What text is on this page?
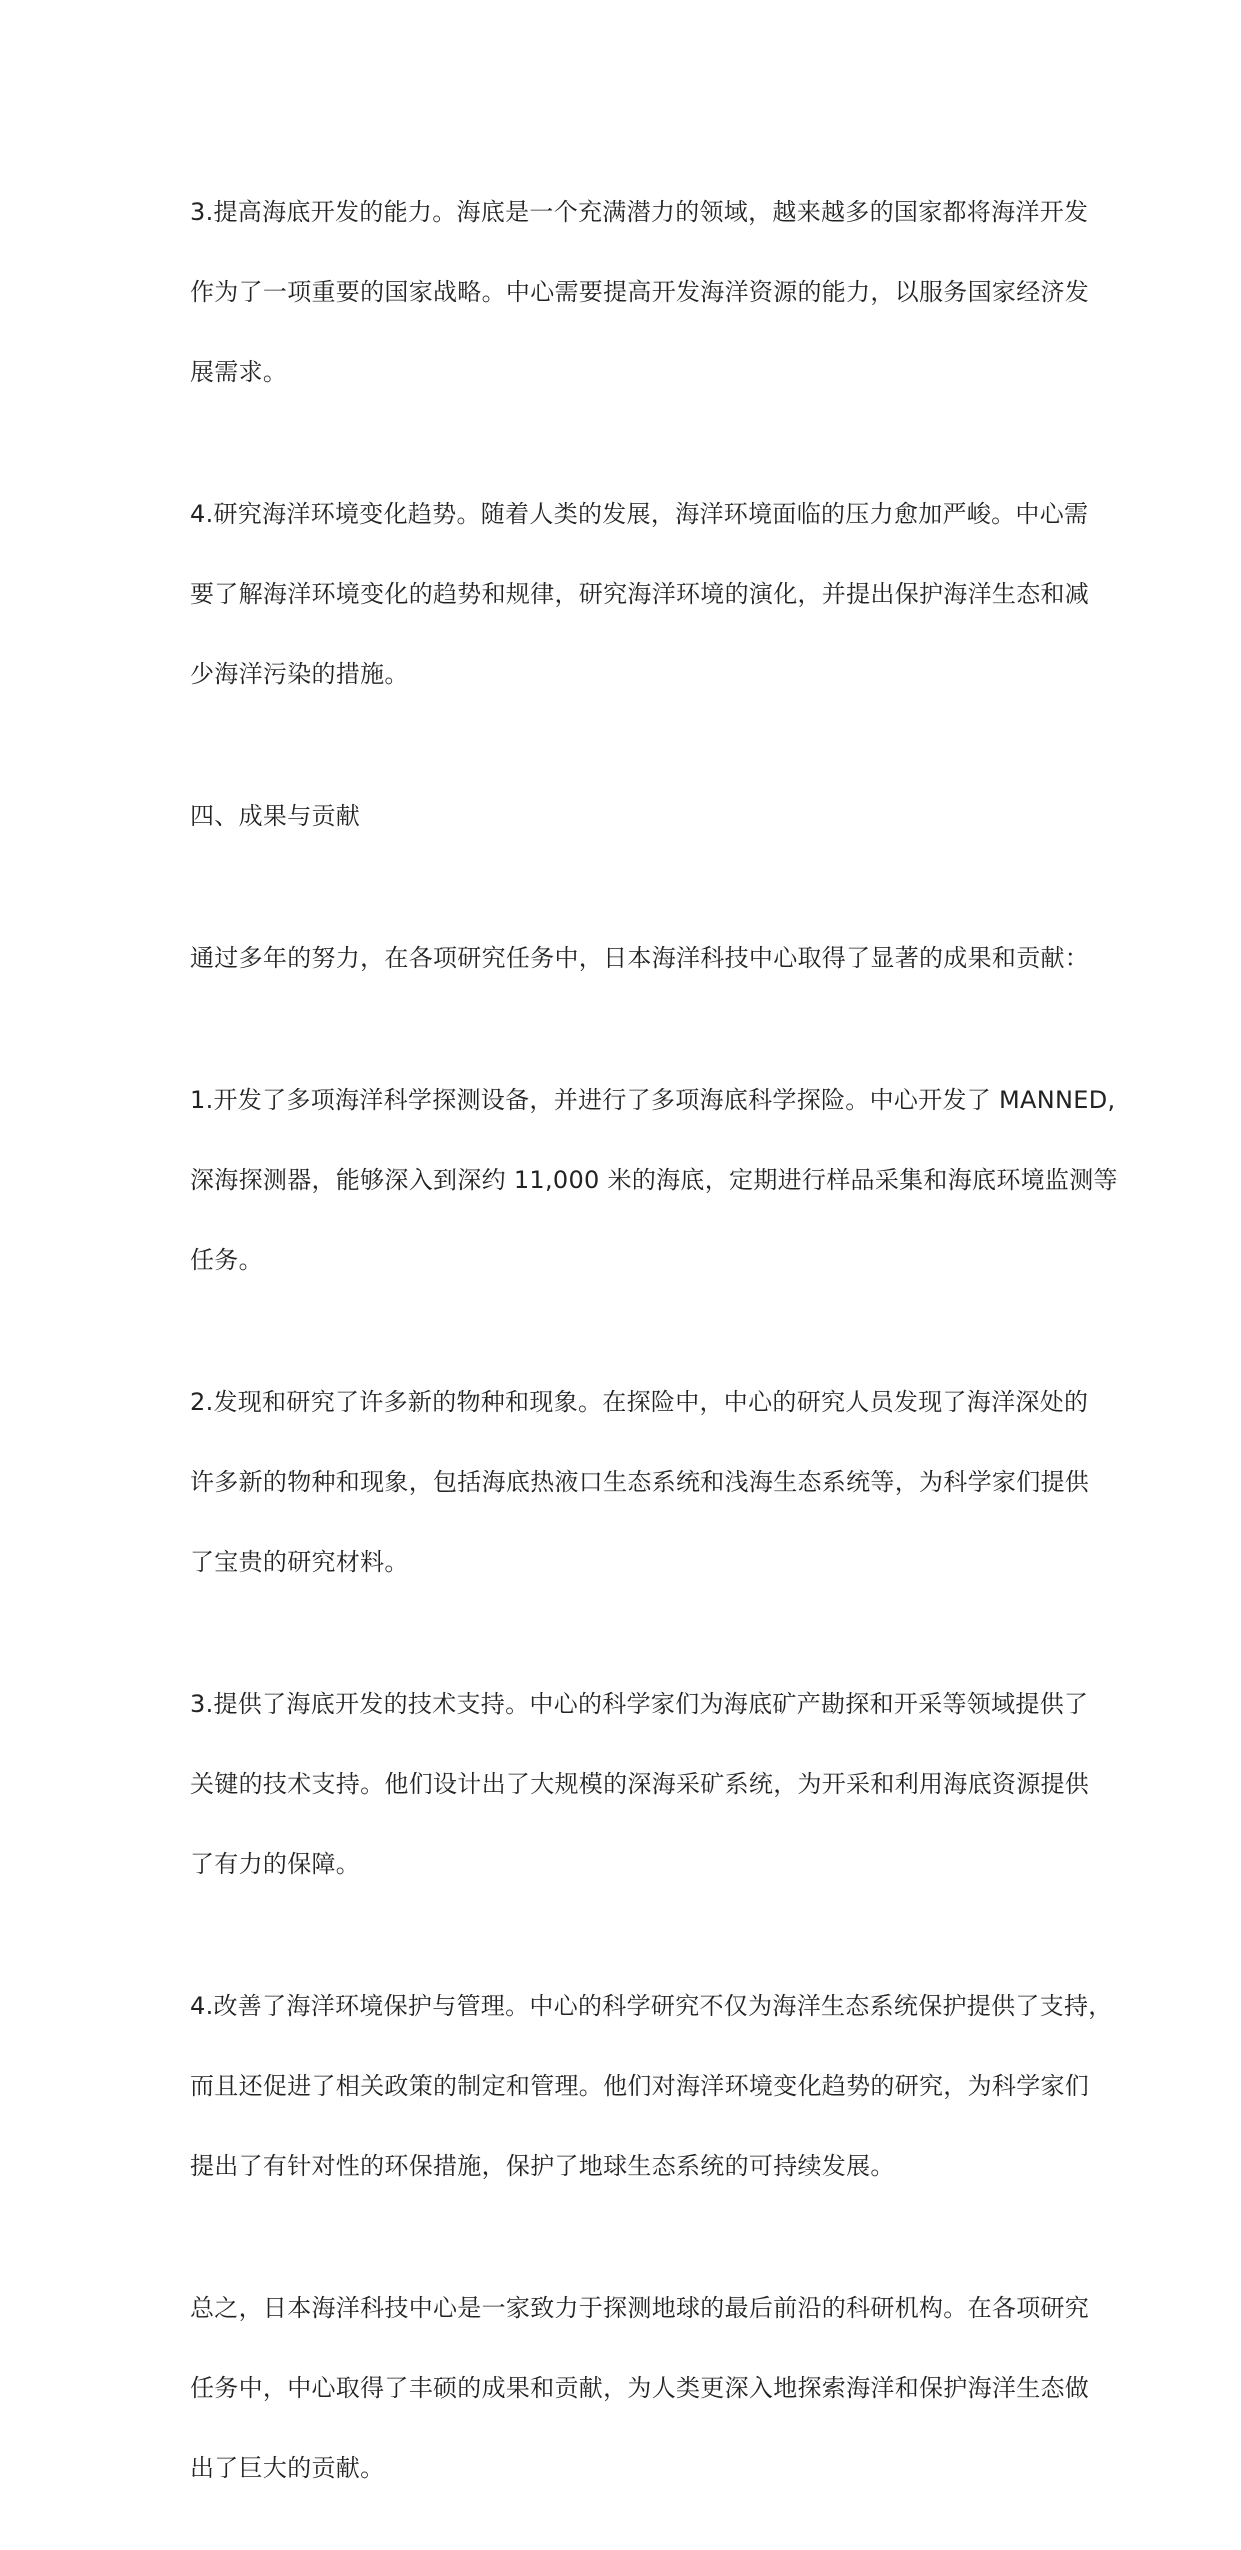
3.提高海底开发的能力。海底是一个充满潜力的领域，越来越多的国家都将海洋开发

作为了一项重要的国家战略。中心需要提高开发海洋资源的能力，以服务国家经济发

展需求。

4.研究海洋环境变化趋势。随着人类的发展，海洋环境面临的压力愈加严峻。中心需

要了解海洋环境变化的趋势和规律，研究海洋环境的演化，并提出保护海洋生态和减

少海洋污染的措施。

四、成果与贡献

通过多年的努力，在各项研究任务中，日本海洋科技中心取得了显著的成果和贡献：

1.开发了多项海洋科学探测设备，并进行了多项海底科学探险。中心开发了 MANNED,

深海探测器，能够深入到深约 11,000 米的海底，定期进行样品采集和海底环境监测等

任务。

2.发现和研究了许多新的物种和现象。在探险中，中心的研究人员发现了海洋深处的

许多新的物种和现象，包括海底热液口生态系统和浅海生态系统等，为科学家们提供

了宝贵的研究材料。

3.提供了海底开发的技术支持。中心的科学家们为海底矿产勘探和开采等领域提供了

关键的技术支持。他们设计出了大规模的深海采矿系统，为开采和利用海底资源提供

了有力的保障。

4.改善了海洋环境保护与管理。中心的科学研究不仅为海洋生态系统保护提供了支持，

而且还促进了相关政策的制定和管理。他们对海洋环境变化趋势的研究，为科学家们

提出了有针对性的环保措施，保护了地球生态系统的可持续发展。

总之，日本海洋科技中心是一家致力于探测地球的最后前沿的科研机构。在各项研究

任务中，中心取得了丰硕的成果和贡献，为人类更深入地探索海洋和保护海洋生态做

出了巨大的贡献。
